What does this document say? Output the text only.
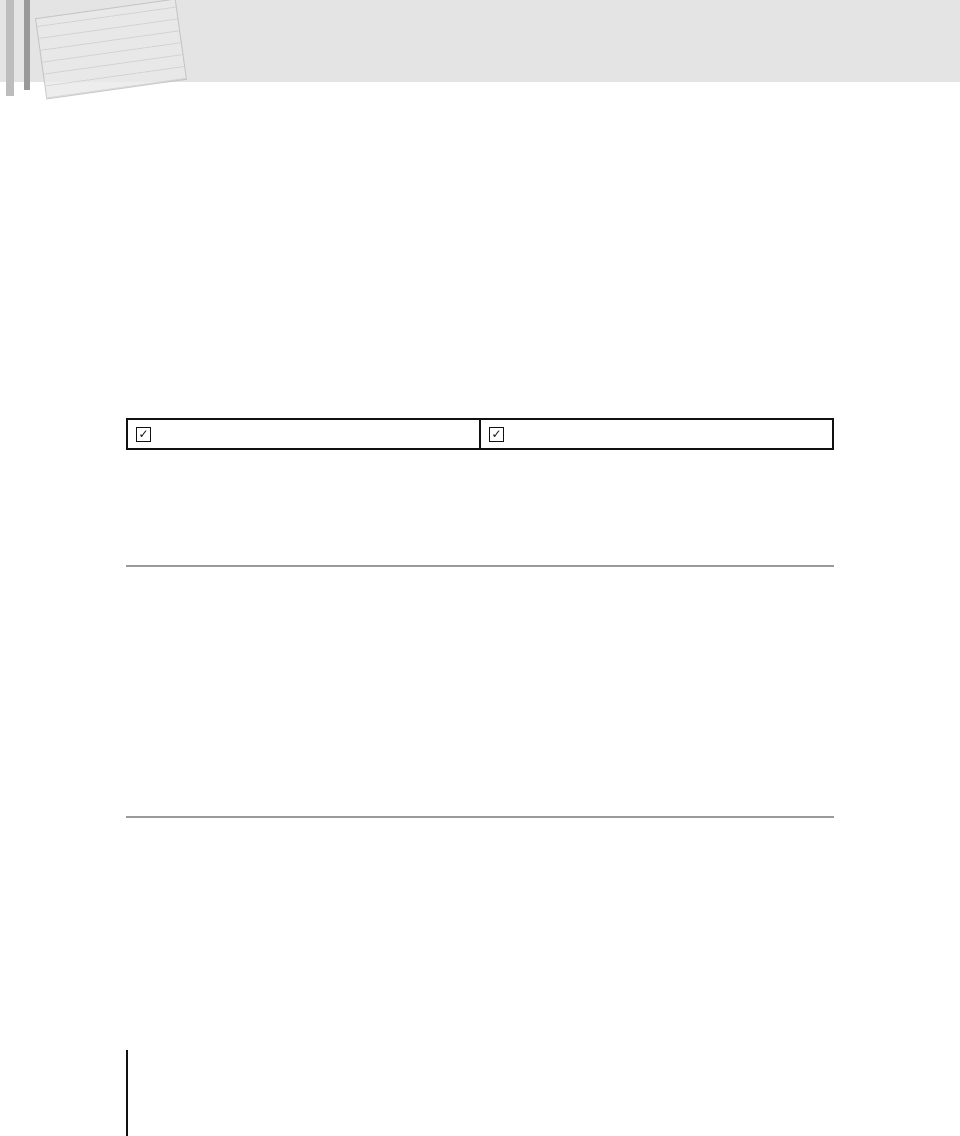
✓	✓
